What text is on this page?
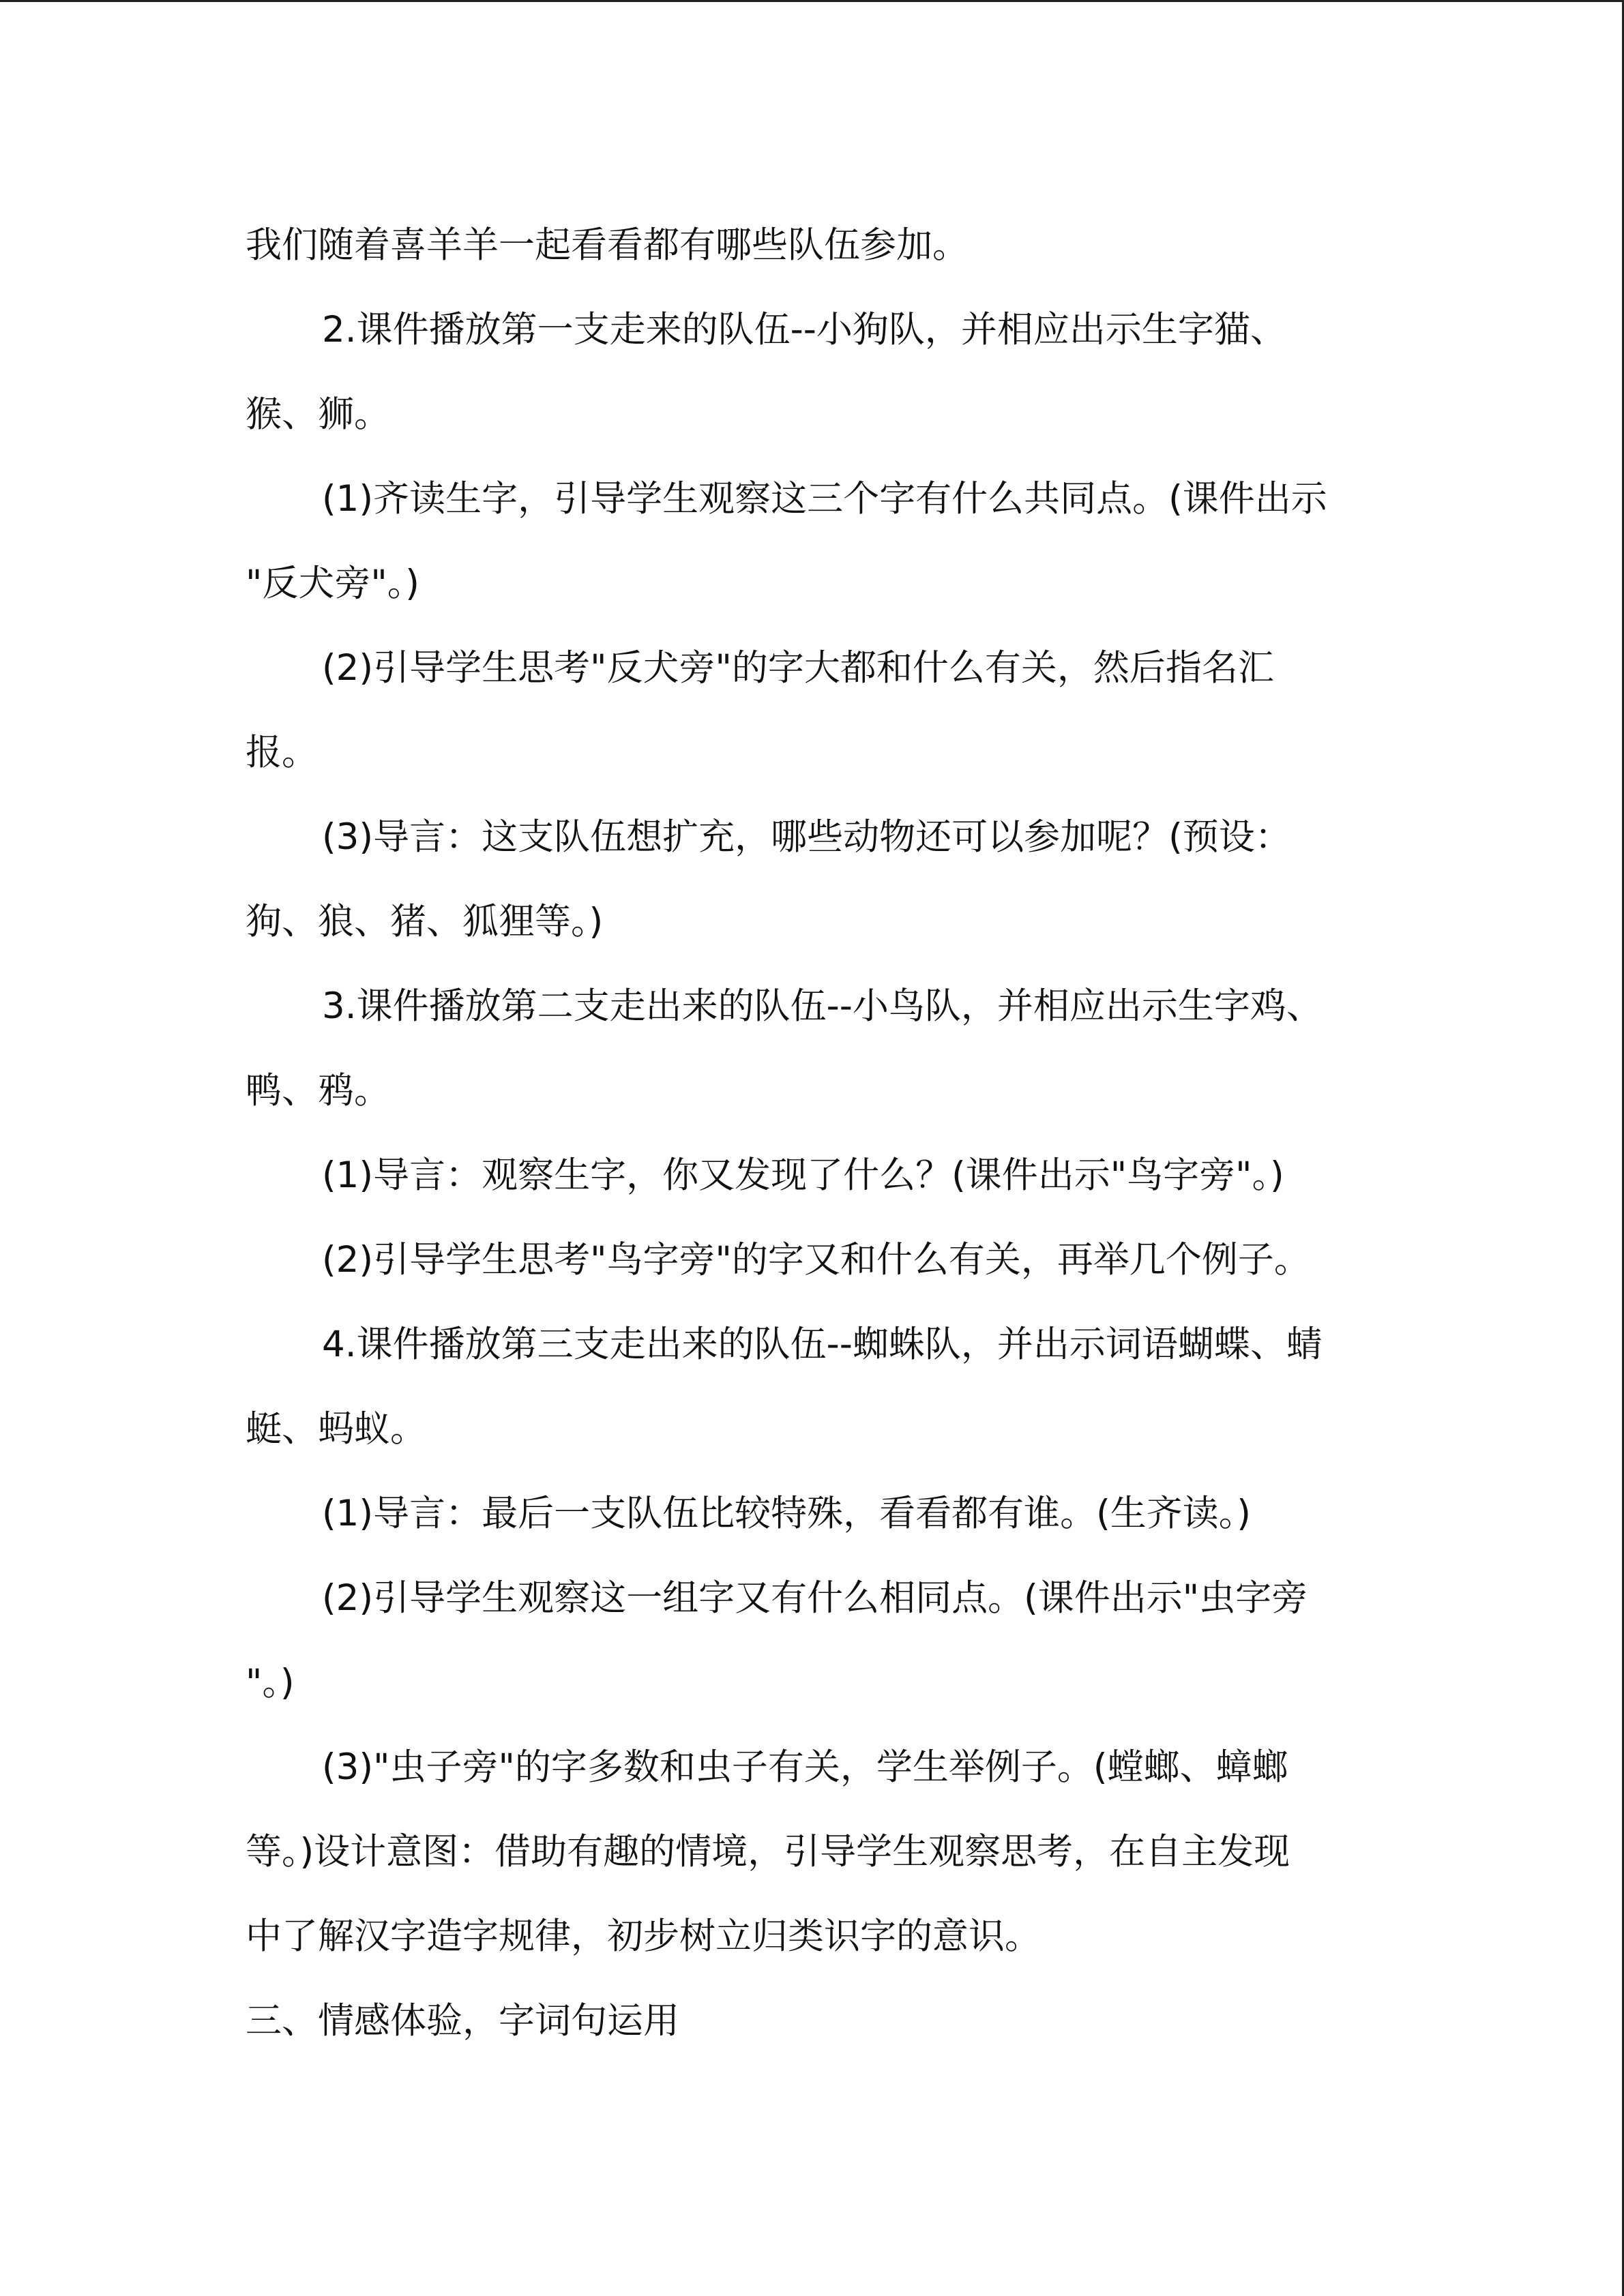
我们随着喜羊羊一起看看都有哪些队伍参加。
2.课件播放第一支走来的队伍--小狗队，并相应出示生字猫、
猴、狮。
(1)齐读生字，引导学生观察这三个字有什么共同点。(课件出示
"反犬旁"。)
(2)引导学生思考"反犬旁"的字大都和什么有关，然后指名汇
报。
(3)导言：这支队伍想扩充，哪些动物还可以参加呢？(预设：
狗、狼、猪、狐狸等。)
3.课件播放第二支走出来的队伍--小鸟队，并相应出示生字鸡、
鸭、鸦。
(1)导言：观察生字，你又发现了什么？(课件出示"鸟字旁"。)
(2)引导学生思考"鸟字旁"的字又和什么有关，再举几个例子。
4.课件播放第三支走出来的队伍--蜘蛛队，并出示词语蝴蝶、蜻
蜓、蚂蚁。
(1)导言：最后一支队伍比较特殊，看看都有谁。(生齐读。)
(2)引导学生观察这一组字又有什么相同点。(课件出示"虫字旁
"。)
(3)"虫子旁"的字多数和虫子有关，学生举例子。(螳螂、蟑螂
等。)设计意图：借助有趣的情境，引导学生观察思考，在自主发现
中了解汉字造字规律，初步树立归类识字的意识。
三、情感体验，字词句运用
